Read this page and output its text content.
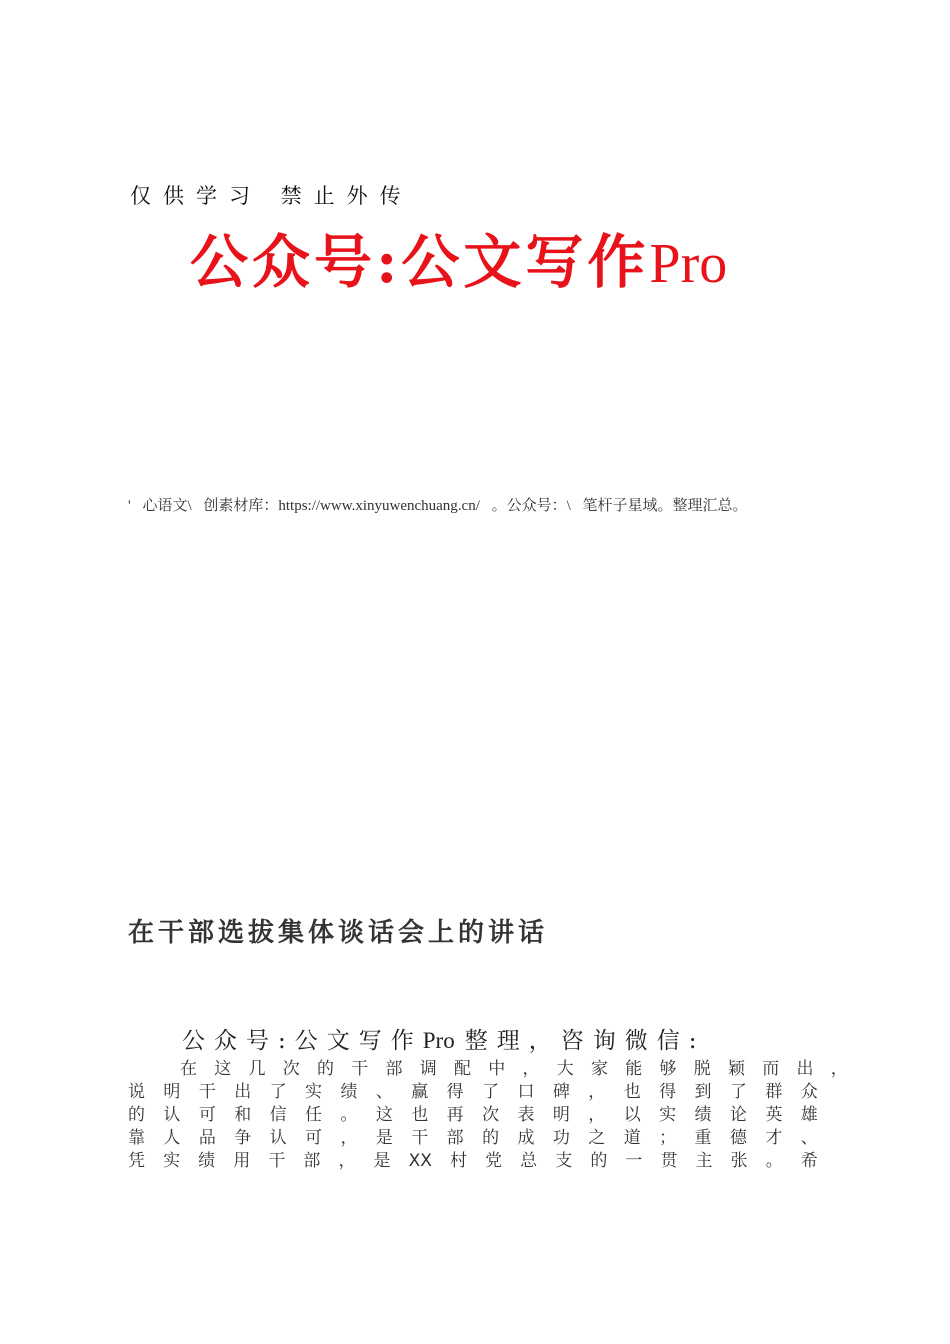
仅供学习 禁止外传
公众号:公文写作Pro
' 心语文\ 创素材库：https://www.xinyuwenchuang.cn/ 。公众号：\ 笔杆子星域。整理汇总。
在干部选拔集体谈话会上的讲话
公众号:公文写作Pro 整理，咨询微信:
在 这 几 次 的 干 部 调 配 中 ， 大 家 能 够 脱 颖 而 出 ，
说 明 干 出 了 实 绩 、 赢 得 了 口 碑 ， 也 得 到 了 群 众
的 认 可 和 信 任 。 这 也 再 次 表 明 ， 以 实 绩 论 英 雄
靠 人 品 争 认 可 ， 是 干 部 的 成 功 之 道 ； 重 德 才 、
凭 实 绩 用 干 部 ， 是 XX 村 党 总 支 的 一 贯 主 张 。 希
